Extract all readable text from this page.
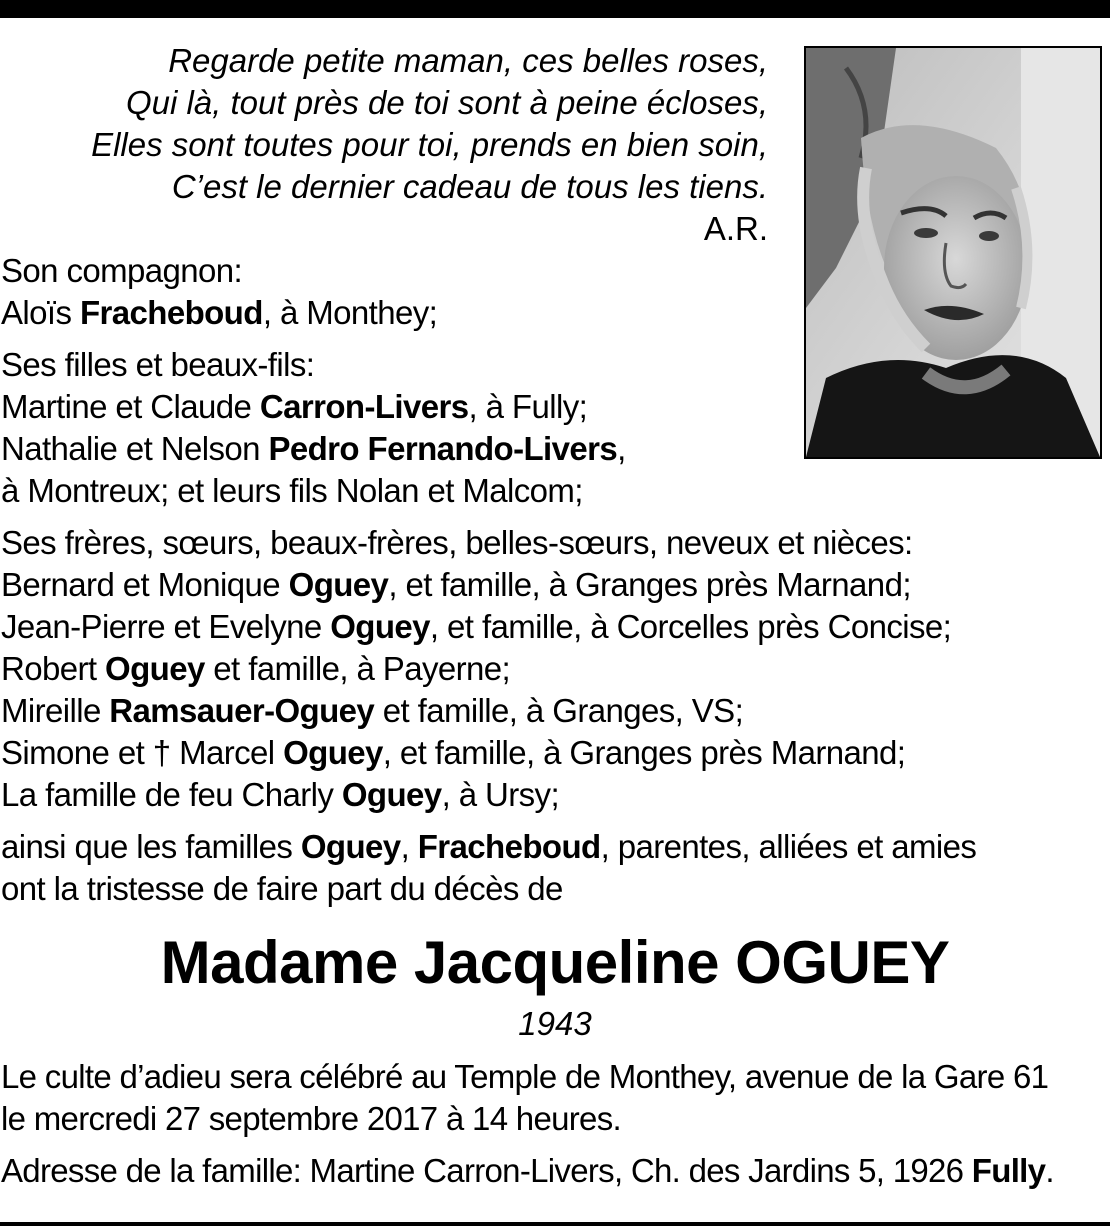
Regarde petite maman, ces belles roses,
Qui là, tout près de toi sont à peine écloses,
Elles sont toutes pour toi, prends en bien soin,
C’est le dernier cadeau de tous les tiens.
A.R.
Son compagnon:
Aloïs Fracheboud, à Monthey;
Ses filles et beaux-fils:
Martine et Claude Carron-Livers, à Fully;
Nathalie et Nelson Pedro Fernando-Livers,
à Montreux; et leurs fils Nolan et Malcom;
Ses frères, sœurs, beaux-frères, belles-sœurs, neveux et nièces:
Bernard et Monique Oguey, et famille, à Granges près Marnand;
Jean-Pierre et Evelyne Oguey, et famille, à Corcelles près Concise;
Robert Oguey et famille, à Payerne;
Mireille Ramsauer-Oguey et famille, à Granges, VS;
Simone et † Marcel Oguey, et famille, à Granges près Marnand;
La famille de feu Charly Oguey, à Ursy;
ainsi que les familles Oguey, Fracheboud, parentes, alliées et amies
ont la tristesse de faire part du décès de
Madame Jacqueline OGUEY
1943
Le culte d’adieu sera célébré au Temple de Monthey, avenue de la Gare 61
le mercredi 27 septembre 2017 à 14 heures.
Adresse de la famille: Martine Carron-Livers, Ch. des Jardins 5, 1926 Fully.
